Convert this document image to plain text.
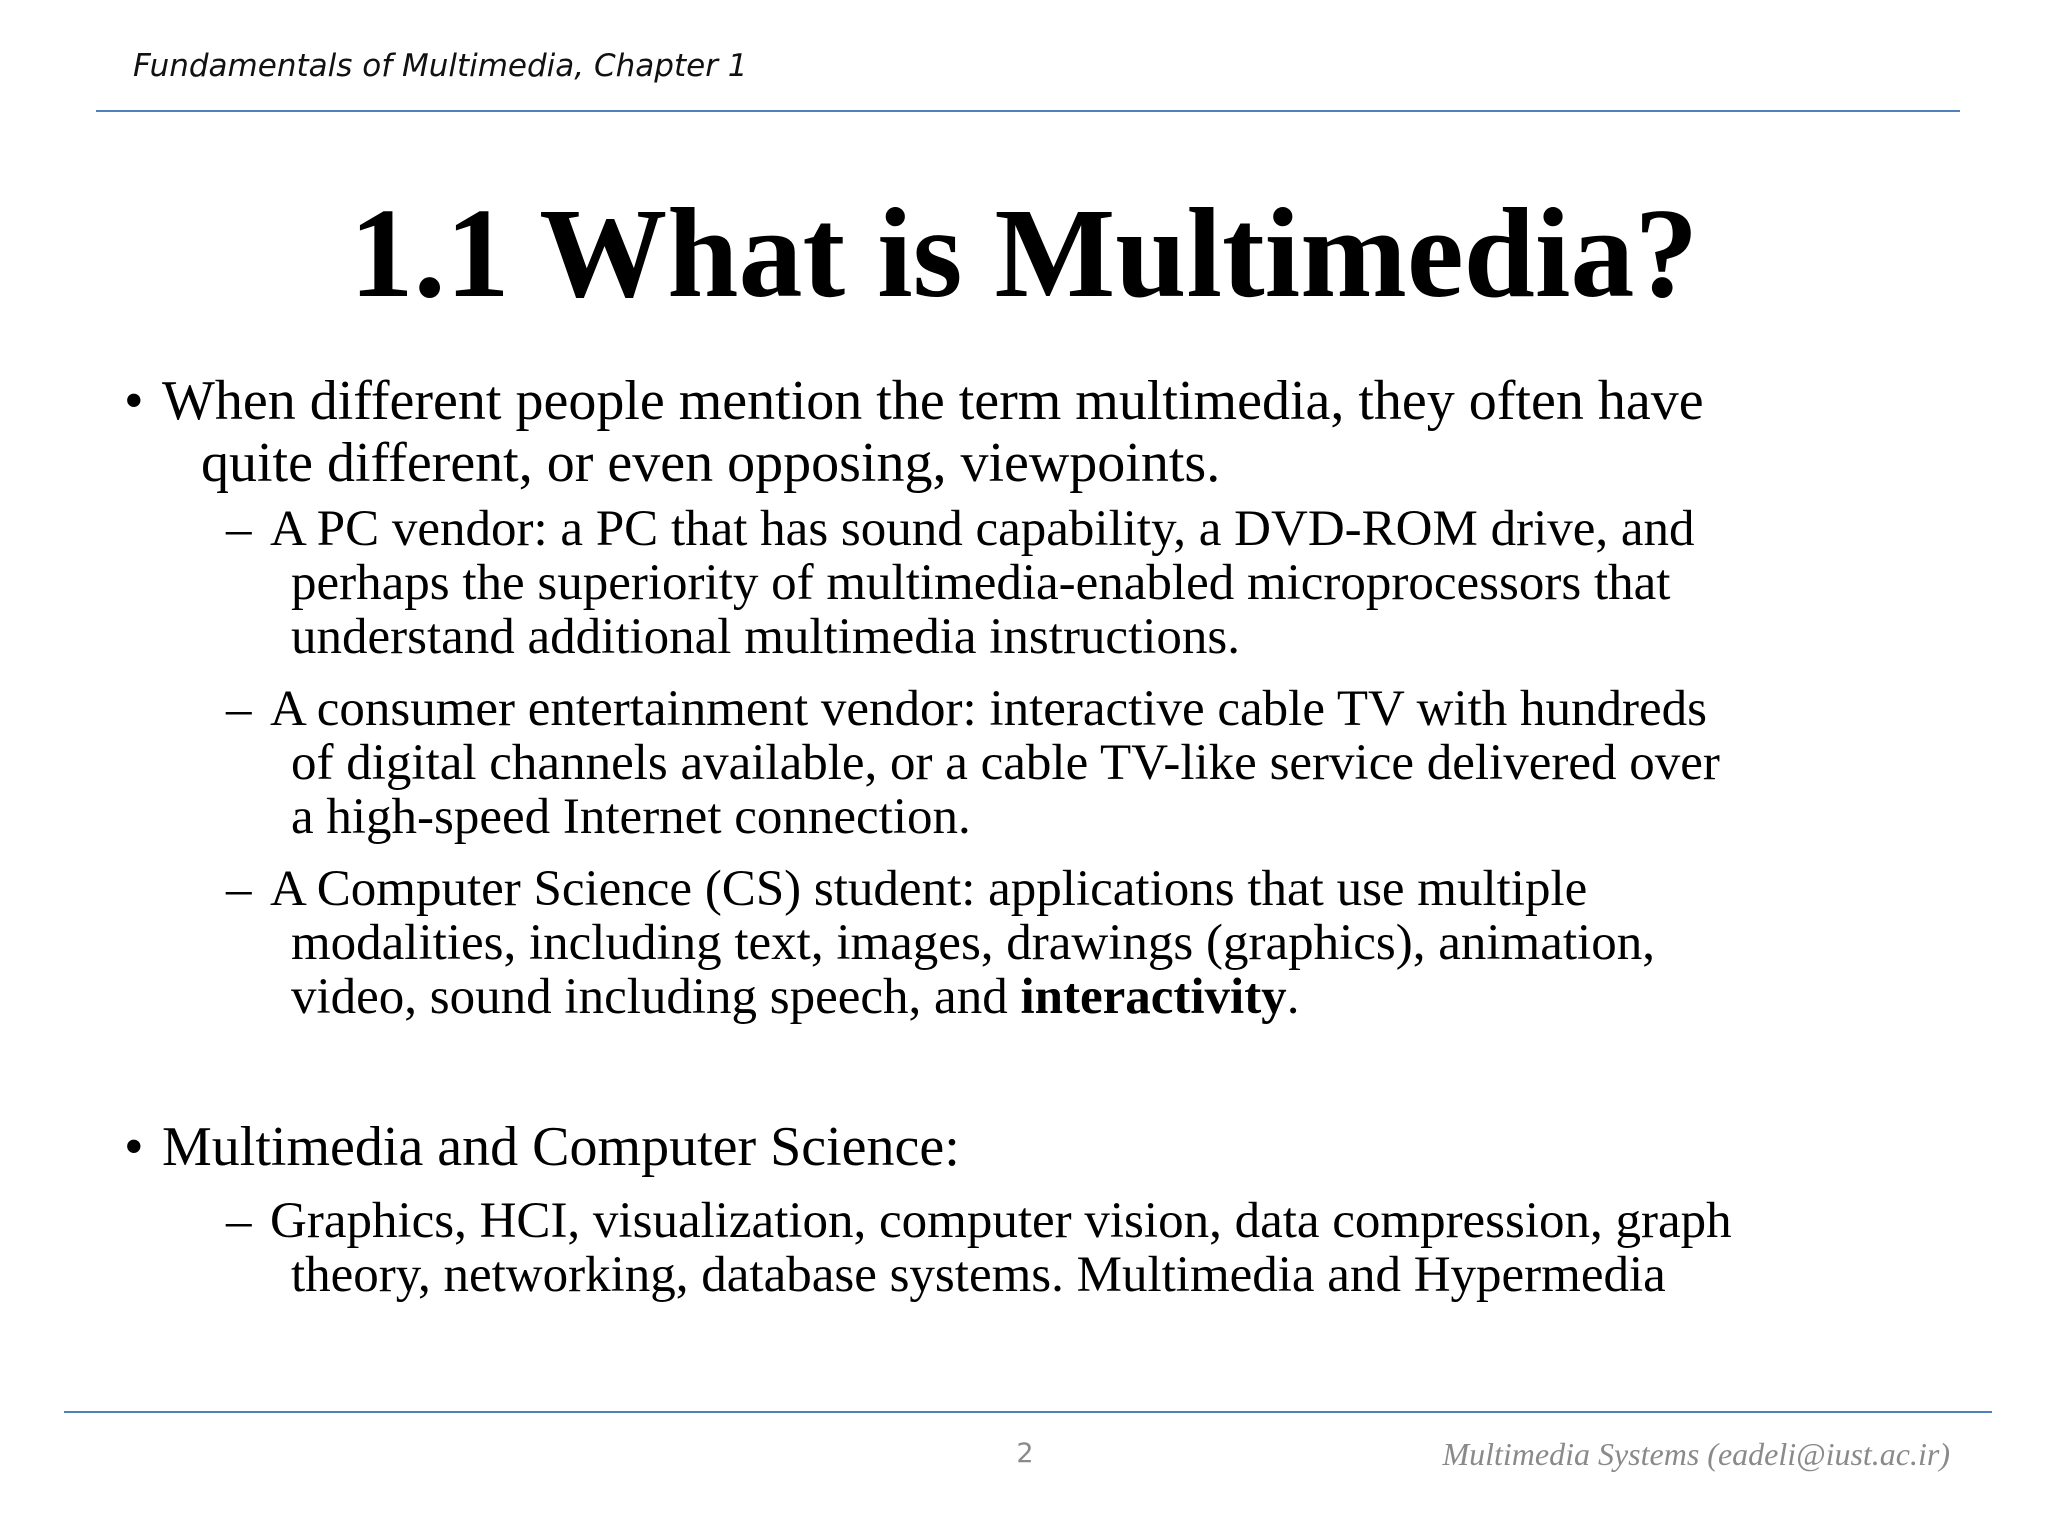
Fundamentals of Multimedia, Chapter 1
1.1 What is Multimedia?
• When different people mention the term multimedia, they often have
quite different, or even opposing, viewpoints.
– A PC vendor: a PC that has sound capability, a DVD-ROM drive, and
perhaps the superiority of multimedia-enabled microprocessors that
understand additional multimedia instructions.
– A consumer entertainment vendor: interactive cable TV with hundreds
of digital channels available, or a cable TV-like service delivered over
a high-speed Internet connection.
– A Computer Science (CS) student: applications that use multiple
modalities, including text, images, drawings (graphics), animation,
video, sound including speech, and interactivity.
• Multimedia and Computer Science:
– Graphics, HCI, visualization, computer vision, data compression, graph
theory, networking, database systems. Multimedia and Hypermedia
2	Multimedia Systems (eadeli@iust.ac.ir)
